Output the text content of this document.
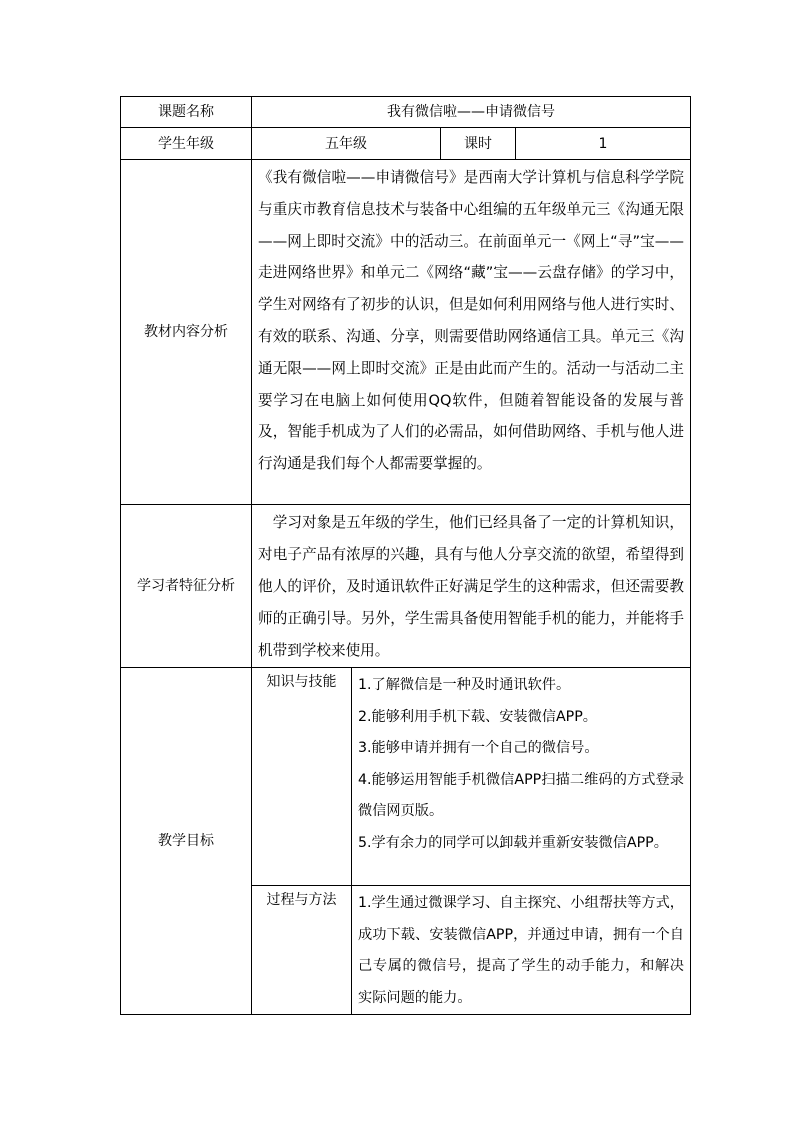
课题名称	我有微信啦——申请微信号			
学生年级	五年级		课时	1
教材内容分析	《我有微信啦——申请微信号》是西南大学计算机与信息科学学院与重庆市教育信息技术与装备中心组编的五年级单元三《沟通无限——网上即时交流》中的活动三。在前面单元一《网上“寻”宝——走进网络世界》和单元二《网络“藏”宝——云盘存储》的学习中，学生对网络有了初步的认识，但是如何利用网络与他人进行实时、有效的联系、沟通、分享，则需要借助网络通信工具。单元三《沟通无限——网上即时交流》正是由此而产生的。活动一与活动二主要学习在电脑上如何使用QQ软件，但随着智能设备的发展与普及，智能手机成为了人们的必需品，如何借助网络、手机与他人进行沟通是我们每个人都需要掌握的。			
学习者特征分析	　学习对象是五年级的学生，他们已经具备了一定的计算机知识，对电子产品有浓厚的兴趣，具有与他人分享交流的欲望，希望得到他人的评价，及时通讯软件正好满足学生的这种需求，但还需要教师的正确引导。另外，学生需具备使用智能手机的能力，并能将手机带到学校来使用。			
教学目标	知识与技能	1.了解微信是一种及时通讯软件。
2.能够利用手机下载、安装微信APP。
3.能够申请并拥有一个自己的微信号。
4.能够运用智能手机微信APP扫描二维码的方式登录微信网页版。
5.学有余力的同学可以卸载并重新安装微信APP。		

	过程与方法	1.学生通过微课学习、自主探究、小组帮扶等方式，成功下载、安装微信APP，并通过申请，拥有一个自己专属的微信号，提高了学生的动手能力，和解决实际问题的能力。		
